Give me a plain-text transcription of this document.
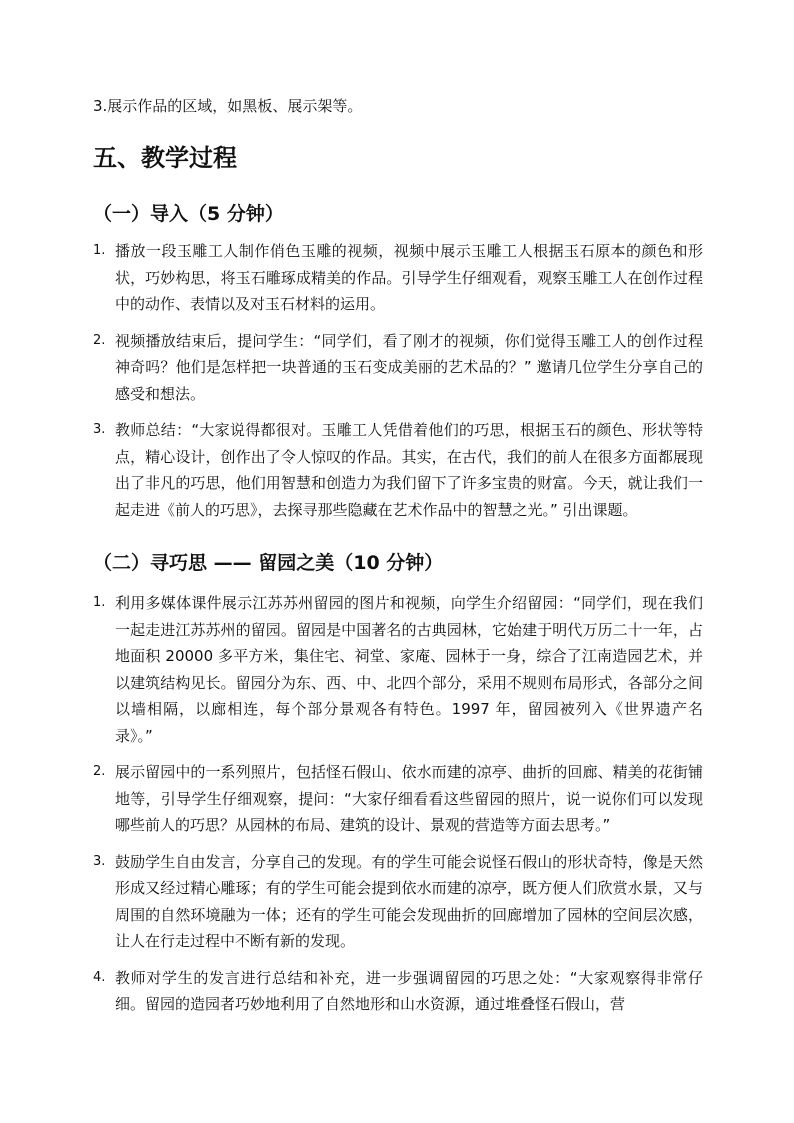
3.展示作品的区域，如黑板、展示架等。
五、教学过程
（一）导入（5 分钟）
1. 播放一段玉雕工人制作俏色玉雕的视频，视频中展示玉雕工人根据玉石原本的颜色和形状，巧妙构思，将玉石雕琢成精美的作品。引导学生仔细观看，观察玉雕工人在创作过程中的动作、表情以及对玉石材料的运用。
2. 视频播放结束后，提问学生：“同学们，看了刚才的视频，你们觉得玉雕工人的创作过程神奇吗？他们是怎样把一块普通的玉石变成美丽的艺术品的？” 邀请几位学生分享自己的感受和想法。
3. 教师总结：“大家说得都很对。玉雕工人凭借着他们的巧思，根据玉石的颜色、形状等特点，精心设计，创作出了令人惊叹的作品。其实，在古代，我们的前人在很多方面都展现出了非凡的巧思，他们用智慧和创造力为我们留下了许多宝贵的财富。今天，就让我们一起走进《前人的巧思》，去探寻那些隐藏在艺术作品中的智慧之光。” 引出课题。
（二）寻巧思 —— 留园之美（10 分钟）
1. 利用多媒体课件展示江苏苏州留园的图片和视频，向学生介绍留园：“同学们，现在我们一起走进江苏苏州的留园。留园是中国著名的古典园林，它始建于明代万历二十一年，占地面积 20000 多平方米，集住宅、祠堂、家庵、园林于一身，综合了江南造园艺术，并以建筑结构见长。留园分为东、西、中、北四个部分，采用不规则布局形式，各部分之间以墙相隔，以廊相连，每个部分景观各有特色。1997 年，留园被列入《世界遗产名录》。”
2. 展示留园中的一系列照片，包括怪石假山、依水而建的凉亭、曲折的回廊、精美的花街铺地等，引导学生仔细观察，提问：“大家仔细看看这些留园的照片，说一说你们可以发现哪些前人的巧思？从园林的布局、建筑的设计、景观的营造等方面去思考。”
3. 鼓励学生自由发言，分享自己的发现。有的学生可能会说怪石假山的形状奇特，像是天然形成又经过精心雕琢；有的学生可能会提到依水而建的凉亭，既方便人们欣赏水景，又与周围的自然环境融为一体；还有的学生可能会发现曲折的回廊增加了园林的空间层次感，让人在行走过程中不断有新的发现。
4. 教师对学生的发言进行总结和补充，进一步强调留园的巧思之处：“大家观察得非常仔细。留园的造园者巧妙地利用了自然地形和山水资源，通过堆叠怪石假山，营
